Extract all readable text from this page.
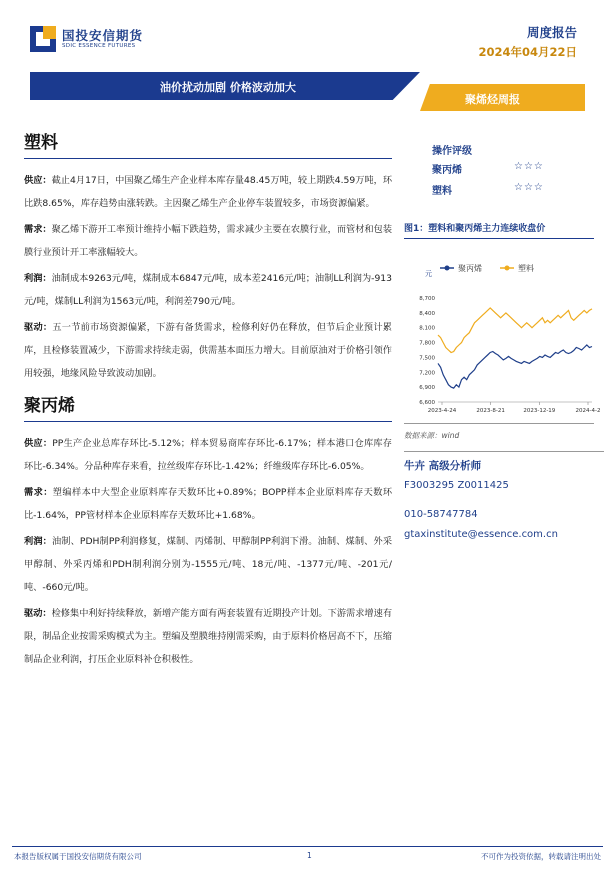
国投安信期货
SDIC ESSENCE FUTURES
周度报告
2024年04月22日
油价扰动加剧 价格波动加大
聚烯烃周报
塑料

供应：截止4月17日，中国聚乙烯生产企业样本库存量48.45万吨，较上期跌4.59万吨，环比跌8.65%，库存趋势由涨转跌。主因聚乙烯生产企业停车装置较多，市场资源偏紧。

需求：聚乙烯下游开工率预计维持小幅下跌趋势，需求减少主要在农膜行业，而管材和包装膜行业预计开工率涨幅较大。

利润：油制成本9263元/吨，煤制成本6847元/吨，成本差2416元/吨；油制LL利润为-913元/吨，煤制LL利润为1563元/吨，利润差790元/吨。

驱动：五一节前市场资源偏紧，下游有备货需求，检修利好仍在释放，但节后企业预计累库，且检修装置减少，下游需求持续走弱，供需基本面压力增大。目前原油对于价格引领作用较强，地缘风险导致波动加剧。

聚丙烯

供应：PP生产企业总库存环比-5.12%；样本贸易商库存环比-6.17%；样本港口仓库库存环比-6.34%。分品种库存来看，拉丝级库存环比-1.42%；纤维级库存环比-6.05%。

需求：塑编样本中大型企业原料库存天数环比+0.89%；BOPP样本企业原料库存天数环比-1.64%，PP管材样本企业原料库存天数环比+1.68%。

利润：油制、PDH制PP利润修复，煤制、丙烯制、甲醇制PP利润下滑。油制、煤制、外采甲醇制、外采丙烯和PDH制利润分别为-1555元/吨、18元/吨、-1377元/吨、-201元/吨、-660元/吨。

驱动：检修集中利好持续释放，新增产能方面有两套装置有近期投产计划。下游需求增速有限，制品企业按需采购模式为主。塑编及塑膜维持刚需采购，由于原料价格居高不下，压缩制品企业利润，打压企业原料补仓积极性。

操作评级
聚丙烯	☆☆☆
塑料	☆☆☆
图1：塑料和聚丙烯主力连续收盘价
聚丙烯	塑料
元
8,700
8,400
8,100
7,800
7,500
7,200
6,900
6,600
2023-4-24	2023-8-21	2023-12-19	2024-4-2
数据来源：wind
牛卉 高级分析师
F3003295 Z0011425
010-58747784
gtaxinstitute@essence.com.cn
本报告版权属于国投安信期货有限公司	1	不可作为投资依据，转载请注明出处
